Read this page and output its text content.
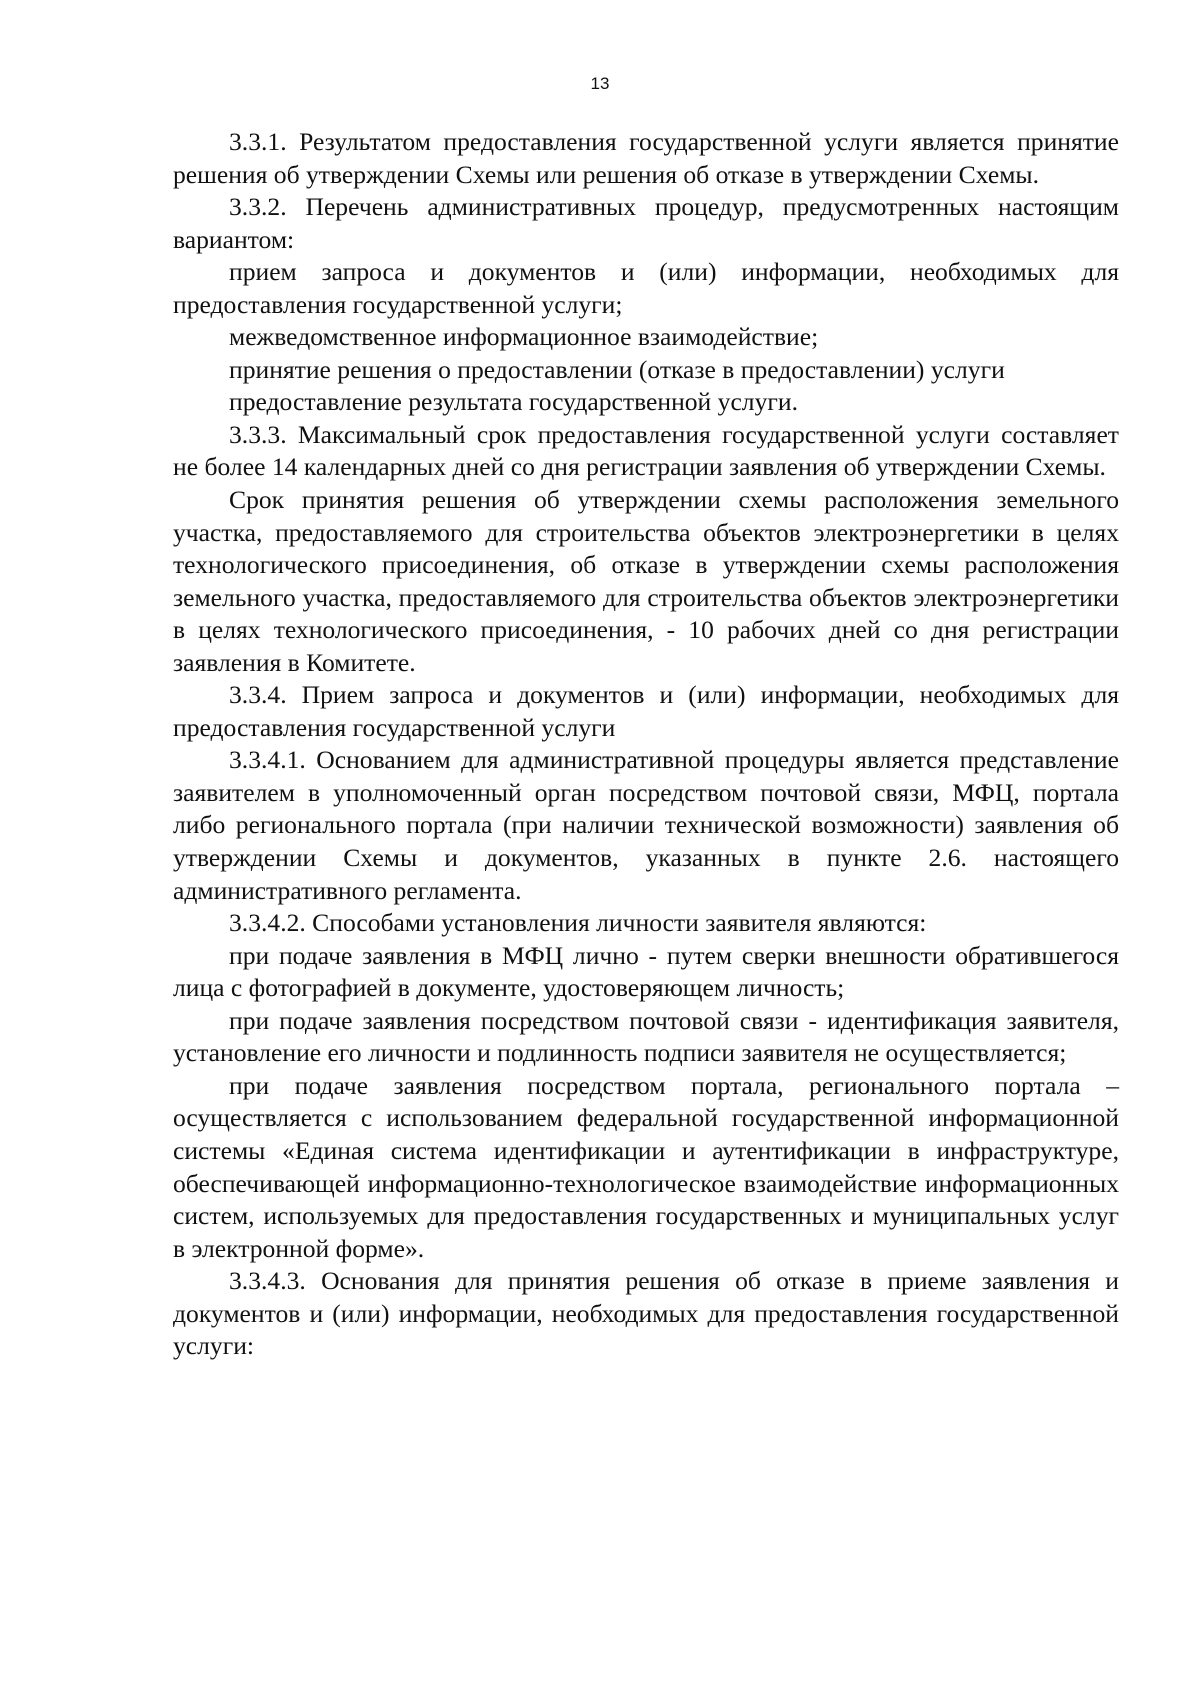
13

3.3.1. Результатом предоставления государственной услуги является принятие решения об утверждении Схемы или решения об отказе в утверждении Схемы.

3.3.2. Перечень административных процедур, предусмотренных настоящим вариантом:

прием запроса и документов и (или) информации, необходимых для предоставления государственной услуги;

межведомственное информационное взаимодействие;

принятие решения о предоставлении (отказе в предоставлении) услуги

предоставление результата государственной услуги.

3.3.3. Максимальный срок предоставления государственной услуги составляет не более 14 календарных дней со дня регистрации заявления об утверждении Схемы.

Срок принятия решения об утверждении схемы расположения земельного участка, предоставляемого для строительства объектов электроэнергетики в целях технологического присоединения, об отказе в утверждении схемы расположения земельного участка, предоставляемого для строительства объектов электроэнергетики в целях технологического присоединения, - 10 рабочих дней со дня регистрации заявления в Комитете.

3.3.4. Прием запроса и документов и (или) информации, необходимых для предоставления государственной услуги

3.3.4.1. Основанием для административной процедуры является представление заявителем в уполномоченный орган посредством почтовой связи, МФЦ, портала либо регионального портала (при наличии технической возможности) заявления об утверждении Схемы и документов, указанных в пункте 2.6. настоящего административного регламента.

3.3.4.2. Способами установления личности заявителя являются:

при подаче заявления в МФЦ лично - путем сверки внешности обратившегося лица с фотографией в документе, удостоверяющем личность;

при подаче заявления посредством почтовой связи - идентификация заявителя, установление его личности и подлинность подписи заявителя не осуществляется;

при подаче заявления посредством портала, регионального портала – осуществляется с использованием федеральной государственной информационной системы «Единая система идентификации и аутентификации в инфраструктуре, обеспечивающей информационно-технологическое взаимодействие информационных систем, используемых для предоставления государственных и муниципальных услуг в электронной форме».

3.3.4.3. Основания для принятия решения об отказе в приеме заявления и документов и (или) информации, необходимых для предоставления государственной услуги:
